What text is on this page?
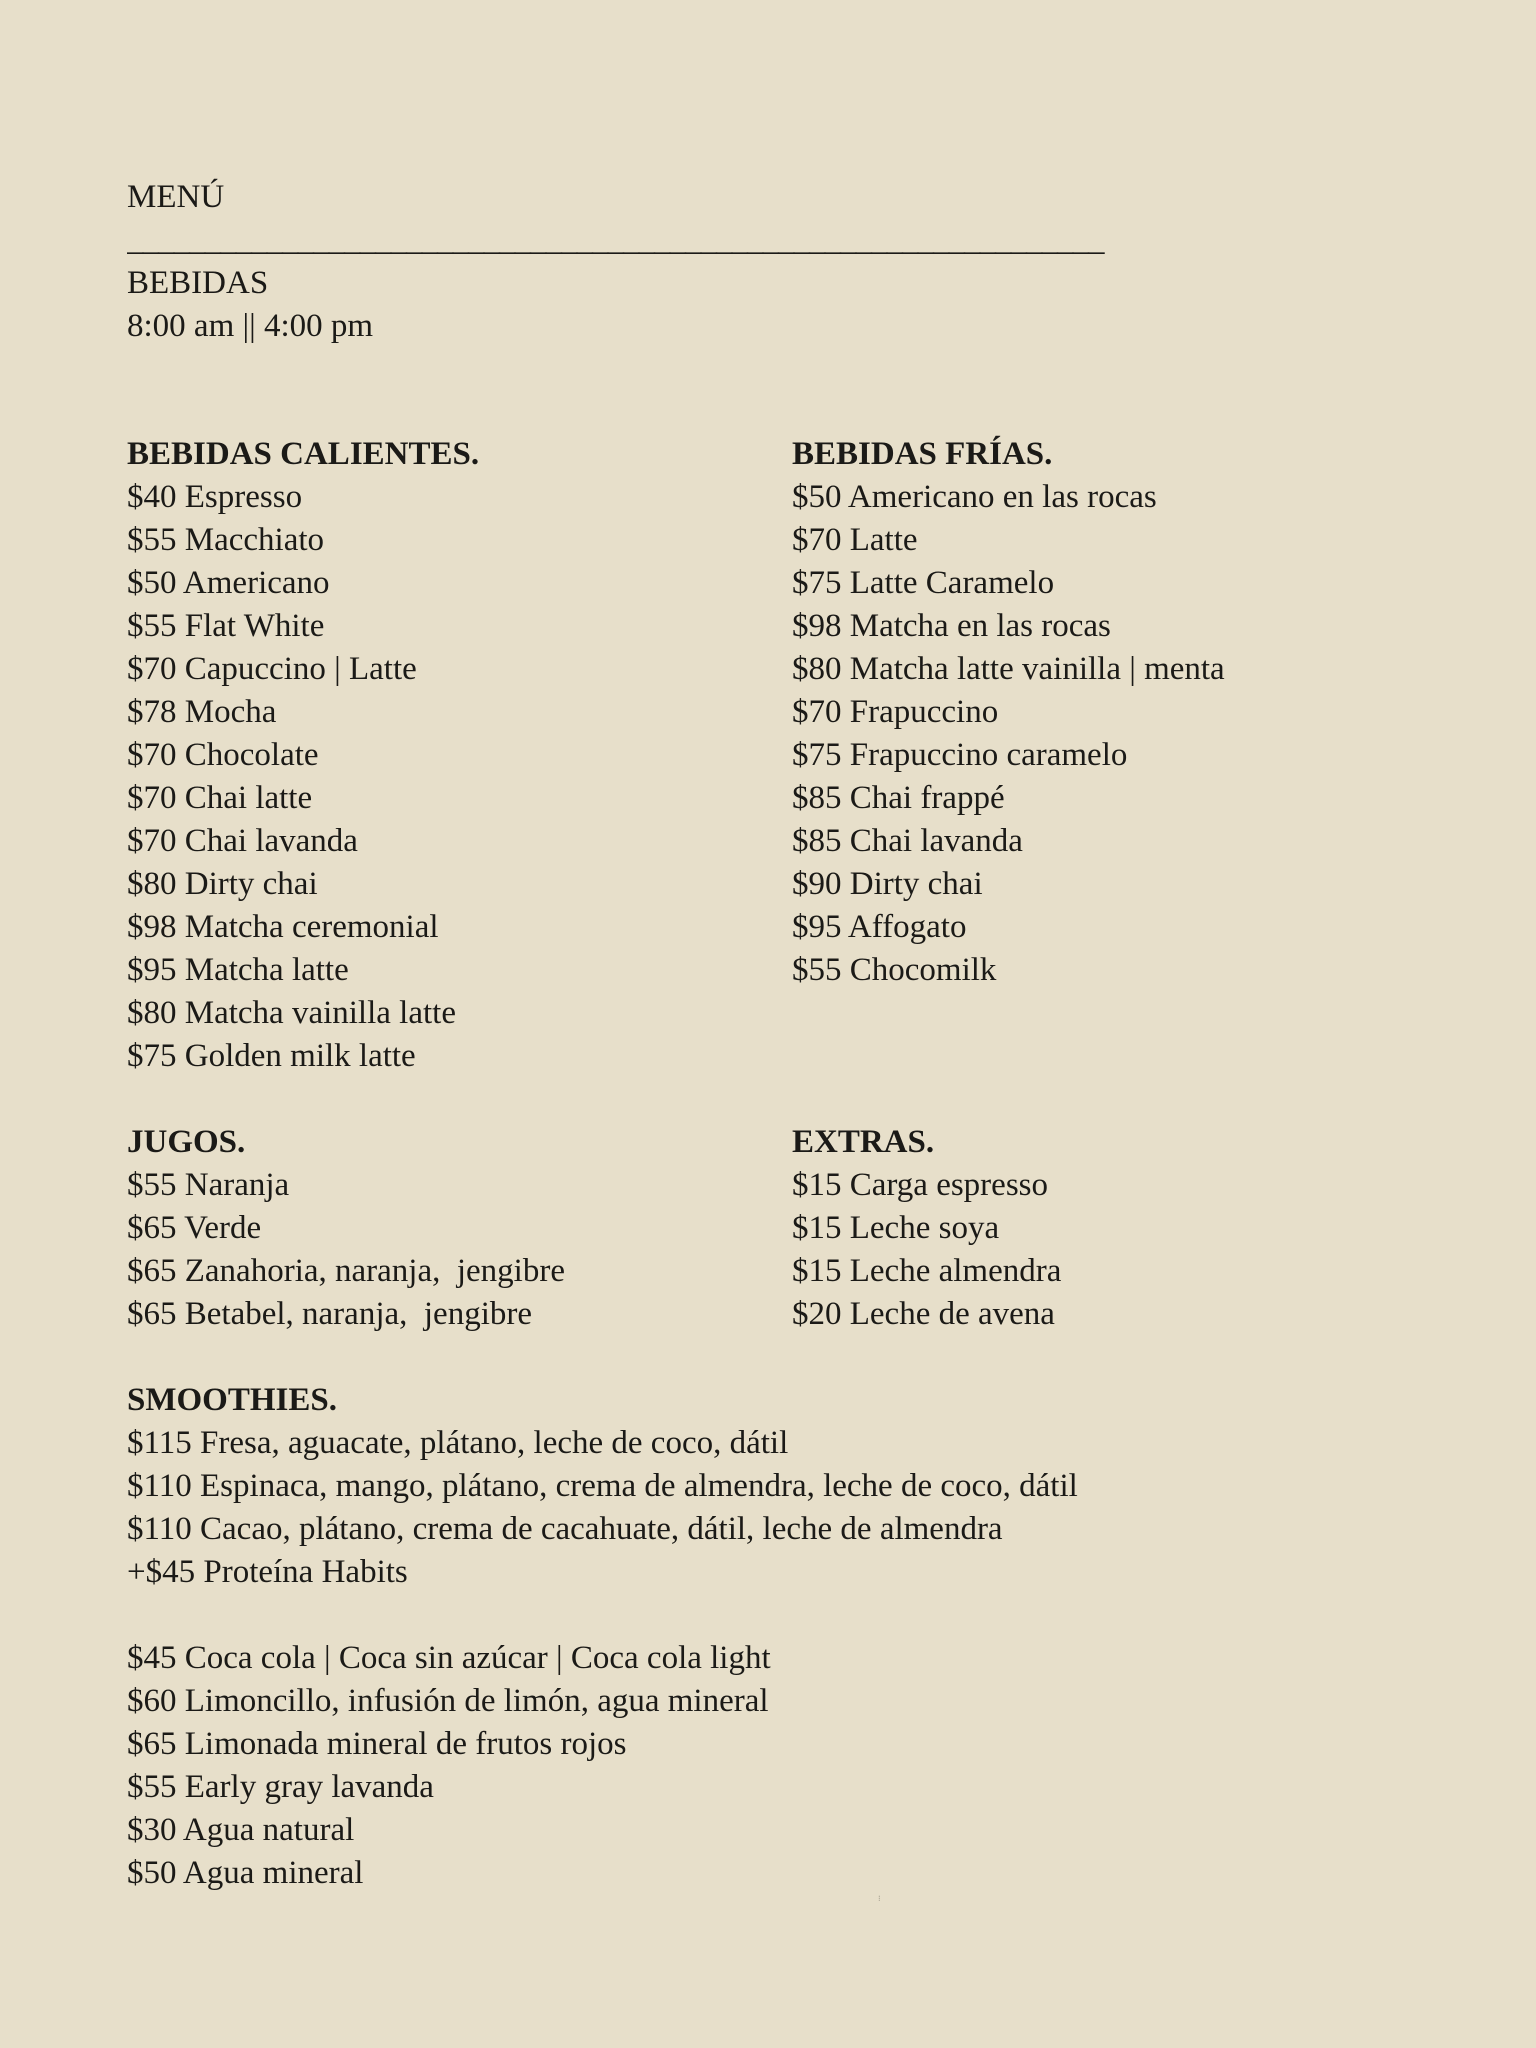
MENÚ
_______________________________________________________________
BEBIDAS
8:00 am || 4:00 pm
BEBIDAS CALIENTES.
$40 Espresso
$55 Macchiato
$50 Americano
$55 Flat White
$70 Capuccino | Latte
$78 Mocha
$70 Chocolate
$70 Chai latte
$70 Chai lavanda
$80 Dirty chai
$98 Matcha ceremonial
$95 Matcha latte
$80 Matcha vainilla latte
$75 Golden milk latte
BEBIDAS FRÍAS.
$50 Americano en las rocas
$70 Latte
$75 Latte Caramelo
$98 Matcha en las rocas
$80 Matcha latte vainilla | menta
$70 Frapuccino
$75 Frapuccino caramelo
$85 Chai frappé
$85 Chai lavanda
$90 Dirty chai
$95 Affogato
$55 Chocomilk
JUGOS.
$55 Naranja
$65 Verde
$65 Zanahoria, naranja,  jengibre
$65 Betabel, naranja,  jengibre
EXTRAS.
$15 Carga espresso
$15 Leche soya
$15 Leche almendra
$20 Leche de avena
SMOOTHIES.
$115 Fresa, aguacate, plátano, leche de coco, dátil
$110 Espinaca, mango, plátano, crema de almendra, leche de coco, dátil
$110 Cacao, plátano, crema de cacahuate, dátil, leche de almendra
+$45 Proteína Habits
$45 Coca cola | Coca sin azúcar | Coca cola light
$60 Limoncillo, infusión de limón, agua mineral
$65 Limonada mineral de frutos rojos
$55 Early gray lavanda
$30 Agua natural
$50 Agua mineral
⁝
